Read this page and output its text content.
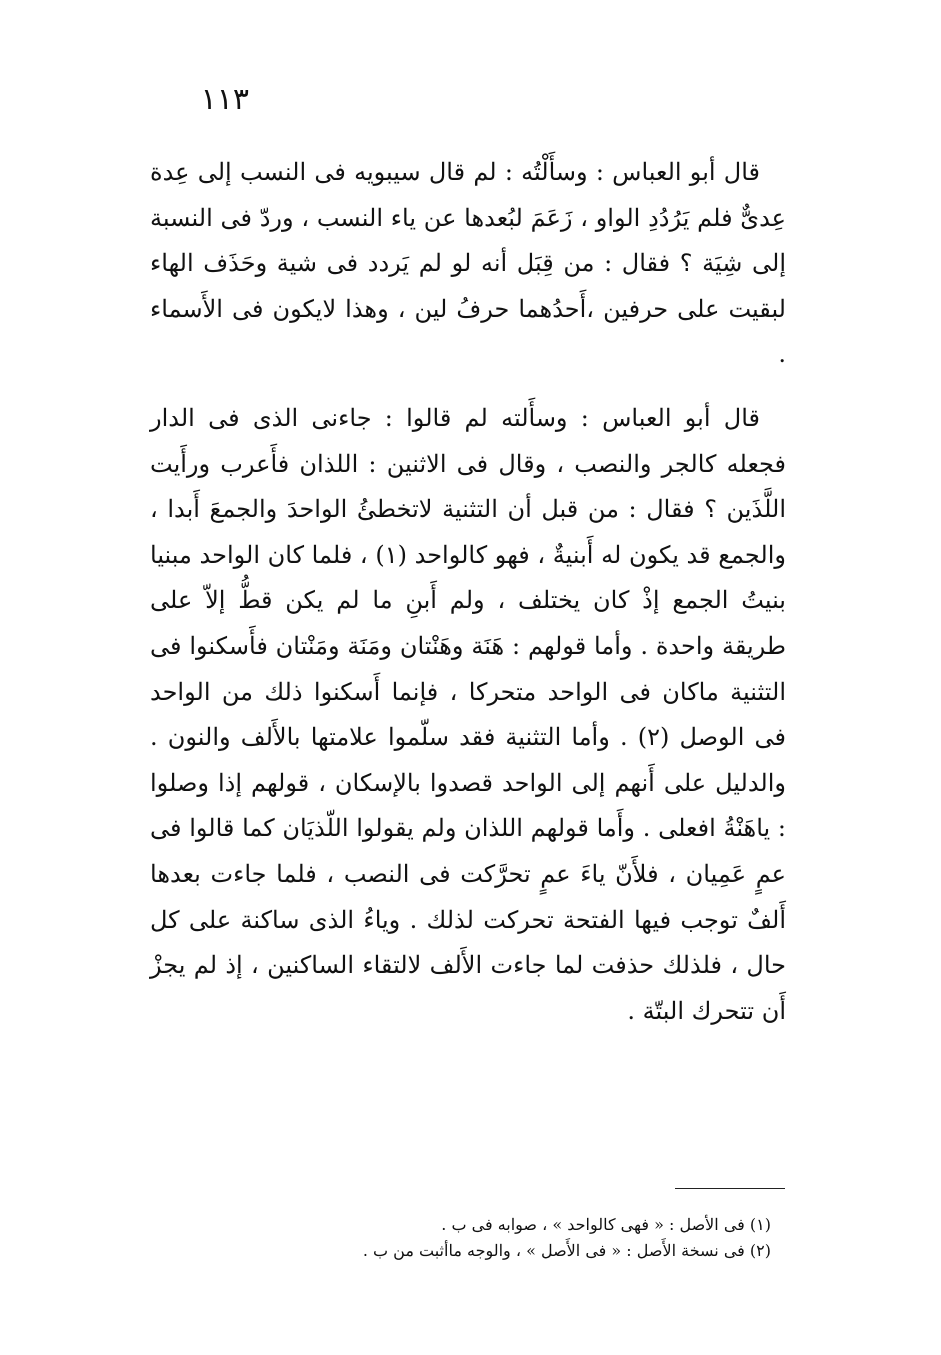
١١٣

قال أبو العباس : وسأَلْتُه : لم قال سيبويه فى النسب إلى عِدة عِدىٌّ فلم يَرُدُدِ الواو ، زَعَمَ لبُعدها عن ياء النسب ، وردّ فى النسبة إلى شِيَة ؟ فقال : من قِبَل أنه لو لم يَردد فى شية وحَذَف الهاء لبقيت على حرفين ،أَحدُهما حرفُ لين ، وهذا لايكون فى الأَسماء .

قال أبو العباس : وسأَلته لم قالوا : جاءنى الذى فى الدار فجعله كالجر والنصب ، وقال فى الاثنين : اللذان فأَعرب ورأَيت اللَّذَين ؟ فقال : من قبل أن التثنية لاتخطئُ الواحدَ والجمعَ أَبدا ، والجمع قد يكون له أَبنيةٌ ، فهو كالواحد (١) ، فلما كان الواحد مبنيا بنيتُ الجمع إذْ كان يختلف ، ولم أَبنِ ما لم يكن قطُّ إلاّ على طريقة واحدة . وأما قولهم : هَنَة وهَنْتان ومَنَة ومَنْتان فأَسكنوا فى التثنية ماكان فى الواحد متحركا ، فإنما أَسكنوا ذلك من الواحد فى الوصل (٢) . وأما التثنية فقد سلّموا علامتها بالأَلف والنون . والدليل على أَنهم إلى الواحد قصدوا بالإسكان ، قولهم إذا وصلوا : ياهَنْةُ افعلى . وأَما قولهم اللذان ولم يقولوا اللّذيَان كما قالوا فى عمٍ عَمِيان ، فلأَنّ ياءَ عمٍ تحرَّكت فى النصب ، فلما جاءت بعدها أَلفٌ توجب فيها الفتحة تحركت لذلك . وياءُ الذى ساكنة على كل حال ، فلذلك حذفت لما جاءت الأَلف لالتقاء الساكنين ، إذ لم يجزْ أَن تتحرك البتّة .

(١) فى الأصل : « فهى كالواحد » ، صوابه فى ب .
(٢) فى نسخة الأَصل : « فى الأَصل » ، والوجه ماأثبت من ب .
